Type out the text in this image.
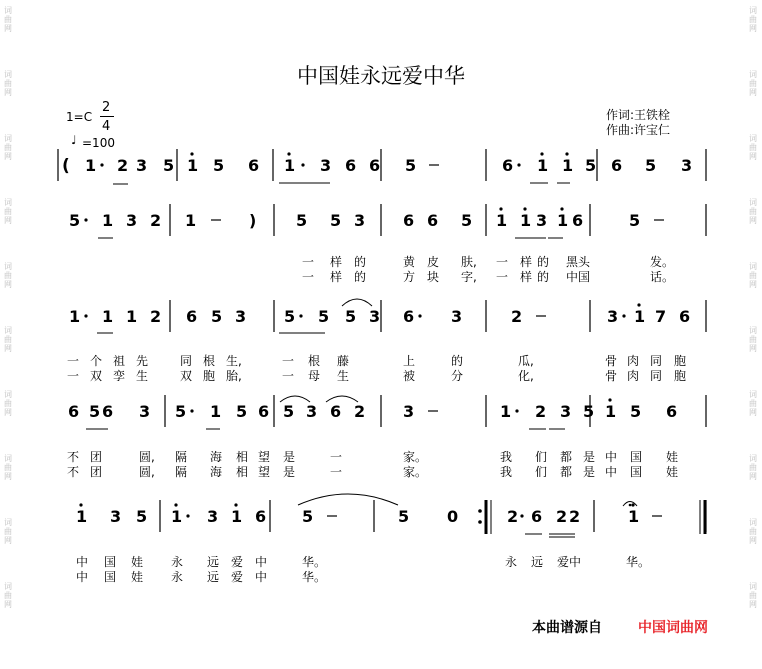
中国娃永远爱中华
1=C
2
4
♩ =100
作词:王铁栓
作曲:许宝仁
1 2 3 5 1 5 6 1 3 6 6 5	6 1 1 5 6 5 3
(
5 1 3 2 1	) 5 5 3 6 6 5 1 1 3 1 6	5
一 样 的	黄 皮 肤, 一 样 的 黑头	发。
一 样 的	方 块 字, 一 样 的 中国	话。
1 1 1 2 6 5 3 5 5 5 3 6 3	2	3 1 7 6
一 个 祖 先	同 根 生,	一 根 藤	上	的	瓜,	骨 肉 同 胞
一 双 孪 生	双 胞 胎,	一 母 生	被	分	化,	骨 肉 同 胞
6 5 6 3 5 1 5 6 5 3 6 2 3	1 2 3 5 1 5 6
不 团	圆, 隔 海 相 望 是	一	家。	我 们 都 是 中 国 娃
不 团	圆, 隔 海 相 望 是	一	家。	我 们 都 是 中 国 娃
1 3 5 1 3 1 6 5	5 0	2 6 2 2	1
中 国 娃 永 远 爱 中	华。	永 远 爱中	华。
中 国 娃 永 远 爱 中	华。
词
曲
网
词
曲
网
词
曲
网
词
曲
网
词
曲
网
词
曲
网
词
曲
网
词
曲
网
词
曲
网
词
曲
网
词
曲
网
词
曲
网
词
曲
网
词
曲
网
词
曲
网
词
曲
网
词
曲
网
词
曲
网
词
曲
网
词
曲
网
本曲谱源自	中国词曲网
